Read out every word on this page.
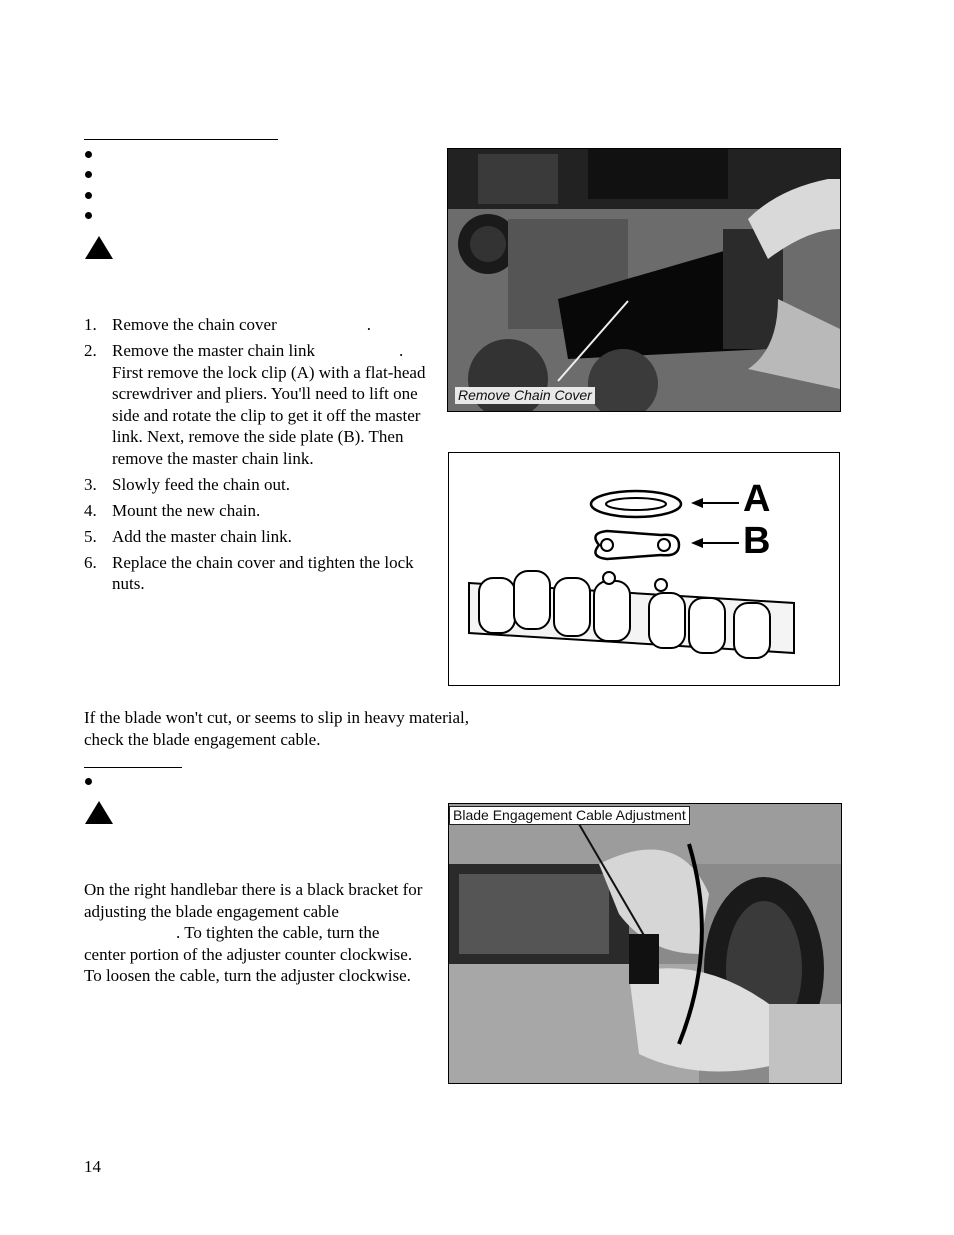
1. Remove the chain cover	.
2. Remove the master chain link	. First remove the lock clip (A) with a flat-head screwdriver and pliers. You'll need to lift one side and rotate the clip to get it off the master link. Next, remove the side plate (B). Then remove the master chain link.
3. Slowly feed the chain out.
4. Mount the new chain.
5. Add the master chain link.
6. Replace the chain cover and tighten the lock nuts.
Remove Chain Cover
A
B

If the blade won't cut, or seems to slip in heavy material, check the blade engagement cable.

On the right handlebar there is a black bracket for adjusting the blade engagement cable. To tighten the cable, turn the center portion of the adjuster counter clockwise. To loosen the cable, turn the adjuster clockwise.

Blade Engagement Cable Adjustment
14
